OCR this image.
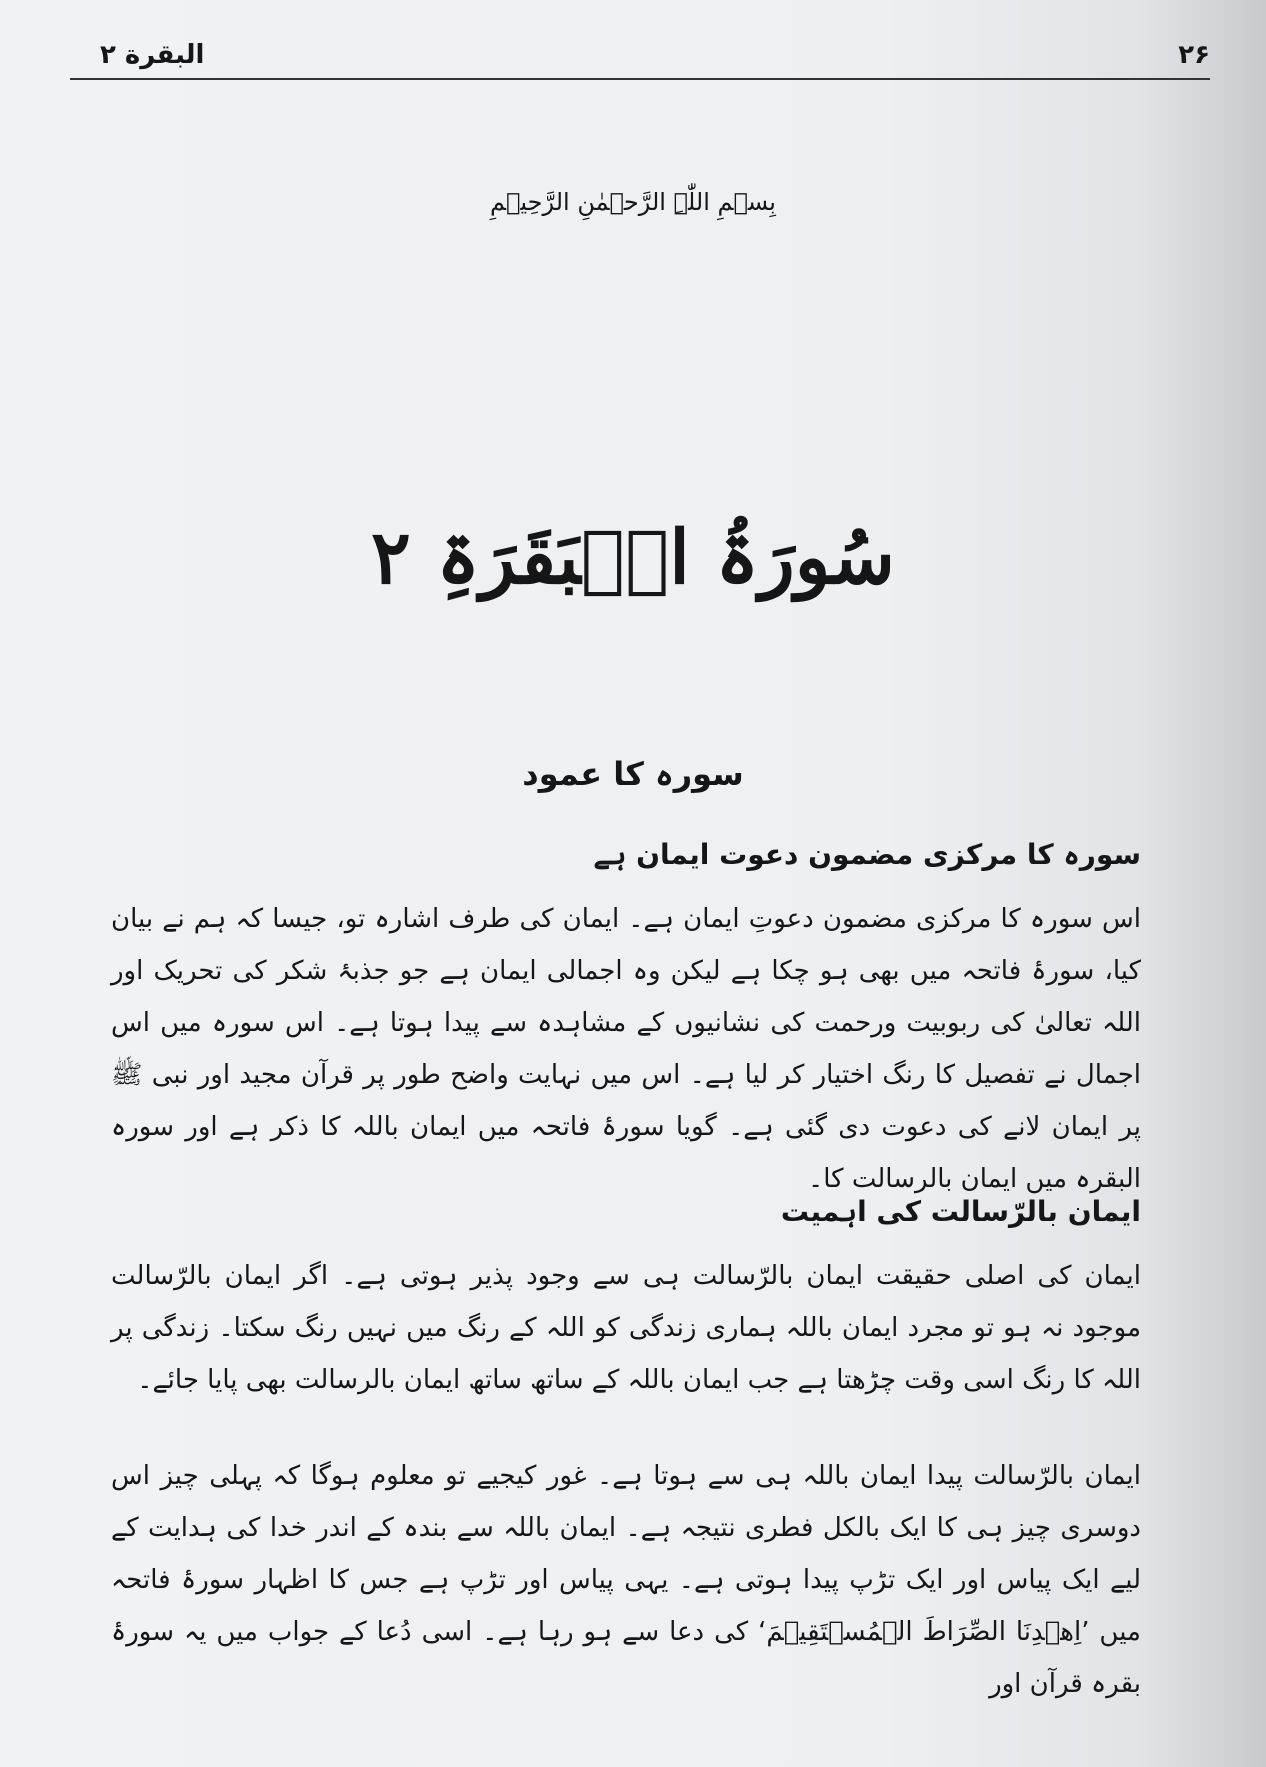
البقرة ۲	۲۶
بِسۡمِ اللّٰہِ الرَّحۡمٰنِ الرَّحِیۡمِ
سُورَۃُ الۡبَقَرَۃِ ۲
سورہ کا عمود
سورہ کا مرکزی مضمون دعوت ایمان ہے
اس سورہ کا مرکزی مضمون دعوتِ ایمان ہے۔ ایمان کی طرف اشارہ تو، جیسا کہ ہم نے بیان کیا، سورۂ فاتحہ میں بھی ہو چکا ہے لیکن وہ اجمالی ایمان ہے جو جذبۂ شکر کی تحریک اور اللہ تعالیٰ کی ربوبیت ورحمت کی نشانیوں کے مشاہدہ سے پیدا ہوتا ہے۔ اس سورہ میں اس اجمال نے تفصیل کا رنگ اختیار کر لیا ہے۔ اس میں نہایت واضح طور پر قرآن مجید اور نبی ﷺ پر ایمان لانے کی دعوت دی گئی ہے۔ گویا سورۂ فاتحہ میں ایمان باللہ کا ذکر ہے اور سورہ البقرہ میں ایمان بالرسالت کا۔
ایمان بالرّسالت کی اہمیت
ایمان کی اصلی حقیقت ایمان بالرّسالت ہی سے وجود پذیر ہوتی ہے۔ اگر ایمان بالرّسالت موجود نہ ہو تو مجرد ایمان باللہ ہماری زندگی کو اللہ کے رنگ میں نہیں رنگ سکتا۔ زندگی پر اللہ کا رنگ اسی وقت چڑھتا ہے جب ایمان باللہ کے ساتھ ساتھ ایمان بالرسالت بھی پایا جائے۔
ایمان بالرّسالت پیدا ایمان باللہ ہی سے ہوتا ہے۔ غور کیجیے تو معلوم ہوگا کہ پہلی چیز اس دوسری چیز ہی کا ایک بالکل فطری نتیجہ ہے۔ ایمان باللہ سے بندہ کے اندر خدا کی ہدایت کے لیے ایک پیاس اور ایک تڑپ پیدا ہوتی ہے۔ یہی پیاس اور تڑپ ہے جس کا اظہار سورۂ فاتحہ میں ’اِھۡدِنَا الصِّرَاطَ الۡمُسۡتَقِیۡمَ‘ کی دعا سے ہو رہا ہے۔ اسی دُعا کے جواب میں یہ سورۂ بقرہ قرآن اور
